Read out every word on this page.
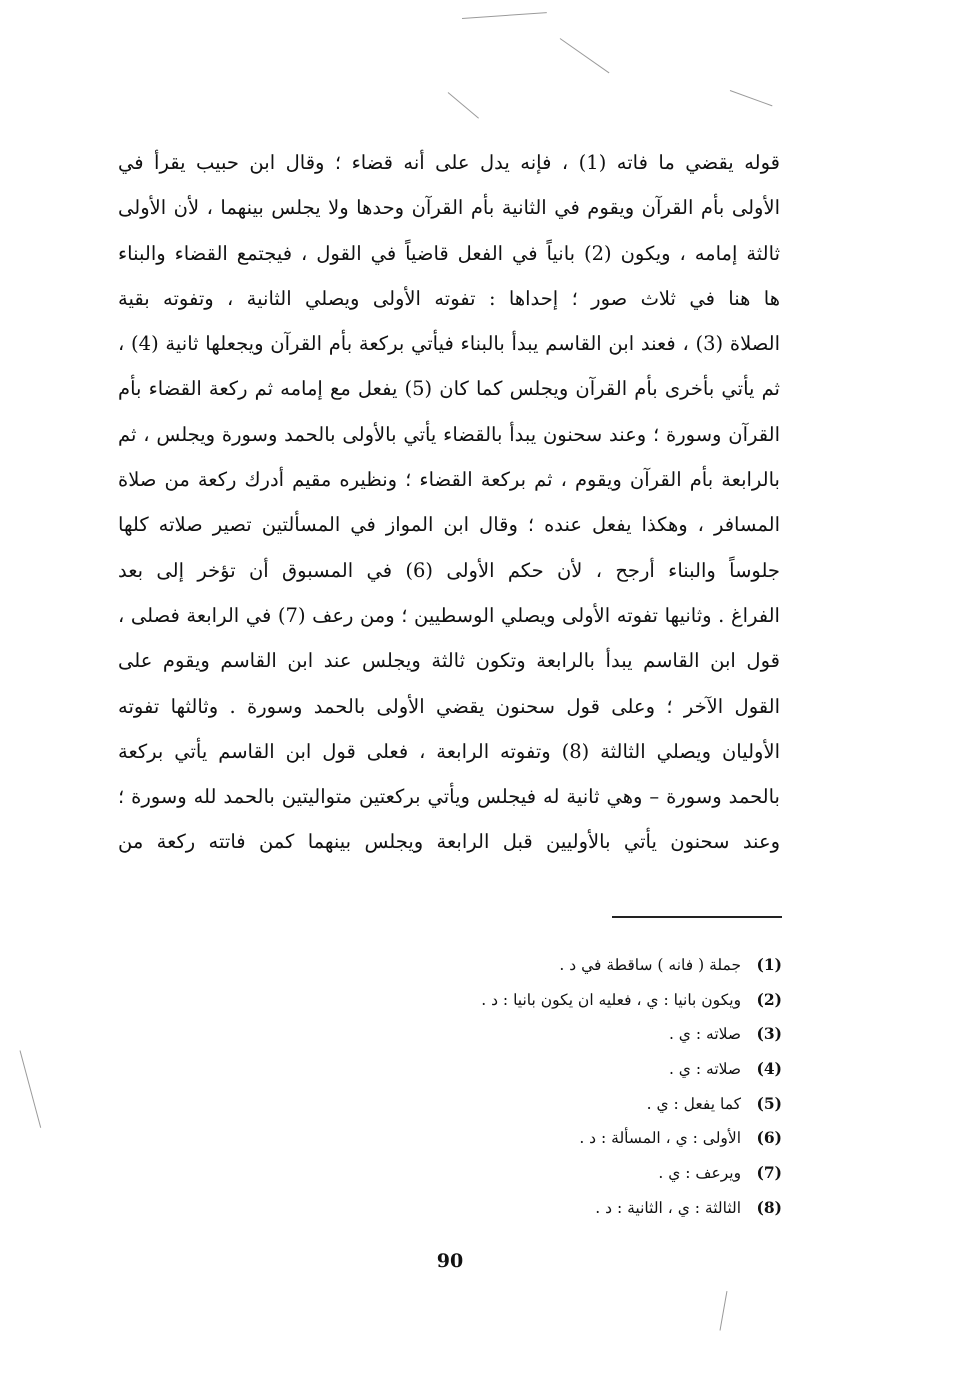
قوله يقضي ما فاته (1) ، فإنه يدل على أنه قضاء ؛ وقال ابن حبيب يقرأ في
الأولى بأم القرآن ويقوم في الثانية بأم القرآن وحدها ولا يجلس بينهما ، لأن الأولى
ثالثة إمامه ، ويكون (2) بانياً في الفعل قاضياً في القول ، فيجتمع القضاء والبناء
ها هنا في ثلاث صور ؛ إحداها : تفوته الأولى ويصلي الثانية ، وتفوته بقية
الصلاة (3) ، فعند ابن القاسم يبدأ بالبناء فيأتي بركعة بأم القرآن ويجعلها ثانية (4) ،
ثم يأتي بأخرى بأم القرآن ويجلس كما كان (5) يفعل مع إمامه ثم ركعة القضاء بأم
القرآن وسورة ؛ وعند سحنون يبدأ بالقضاء يأتي بالأولى بالحمد وسورة ويجلس ، ثم
بالرابعة بأم القرآن ويقوم ، ثم بركعة القضاء ؛ ونظيره مقيم أدرك ركعة من صلاة
المسافر ، وهكذا يفعل عنده ؛ وقال ابن المواز في المسألتين تصير صلاته كلها
جلوساً والبناء أرجح ، لأن حكم الأولى (6) في المسبوق أن تؤخر إلى بعد
الفراغ . وثانيها تفوته الأولى ويصلي الوسطيين ؛ ومن رعف (7) في الرابعة فصلى ،
قول ابن القاسم يبدأ بالرابعة وتكون ثالثة ويجلس عند ابن القاسم ويقوم على
القول الآخر ؛ وعلى قول سحنون يقضي الأولى بالحمد وسورة . وثالثها تفوته
الأوليان ويصلي الثالثة (8) وتفوته الرابعة ، فعلى قول ابن القاسم يأتي بركعة
بالحمد وسورة – وهي ثانية له فيجلس ويأتي بركعتين متواليتين بالحمد لله وسورة ؛
وعند سحنون يأتي بالأوليين قبل الرابعة ويجلس بينهما كمن فاتته ركعة من
(1) جملة ( فانه ) ساقطة في د .
(2) ويكون بانيا : ي ، فعليه ان يكون بانيا : د .
(3) صلاته : ي .
(4) صلاته : ي .
(5) كما يفعل : ي .
(6) الأولى : ي ، المسألة : د .
(7) ويرعف : ي .
(8) الثالثة : ي ، الثانية : د .
90
